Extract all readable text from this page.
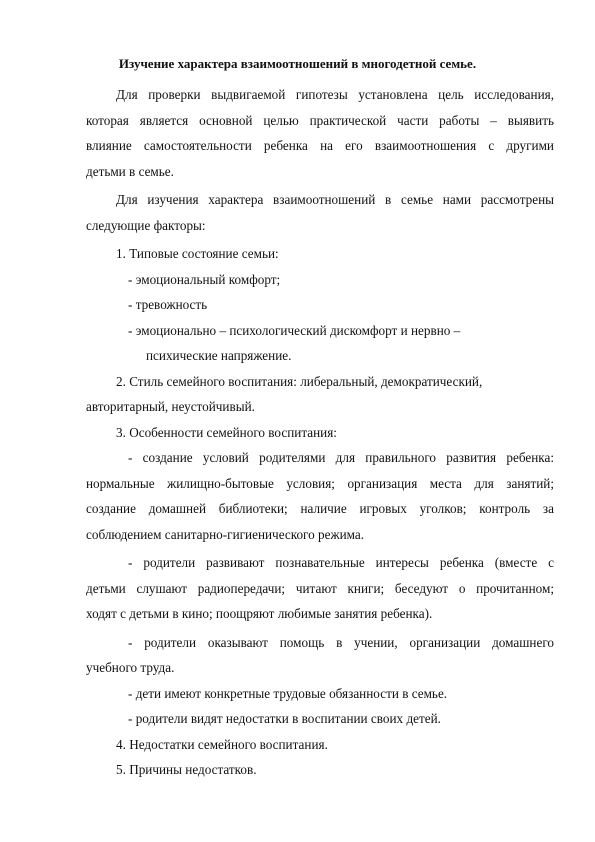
Изучение характера взаимоотношений в многодетной семье.

Для проверки выдвигаемой гипотезы установлена цель исследования,

которая является основной целью практической части работы – выявить

влияние самостоятельности ребенка на его взаимоотношения с другими

детьми в семье.

Для изучения характера взаимоотношений в семье нами рассмотрены

следующие факторы:

1. Типовые состояние семьи:

- эмоциональный комфорт;

- тревожность

- эмоционально – психологический дискомфорт и нервно –

психические напряжение.

2. Стиль семейного воспитания: либеральный, демократический,

авторитарный, неустойчивый.

3. Особенности семейного воспитания:

- создание условий родителями для правильного развития ребенка:

нормальные жилищно-бытовые условия; организация места для занятий;

создание домашней библиотеки; наличие игровых уголков; контроль за

соблюдением санитарно-гигиенического режима.

- родители развивают познавательные интересы ребенка (вместе с

детьми слушают радиопередачи; читают книги; беседуют о прочитанном;

ходят с детьми в кино; поощряют любимые занятия ребенка).

- родители оказывают помощь в учении, организации домашнего

учебного труда.

- дети имеют конкретные трудовые обязанности в семье.

- родители видят недостатки в воспитании своих детей.

4. Недостатки семейного воспитания.

5. Причины недостатков.
